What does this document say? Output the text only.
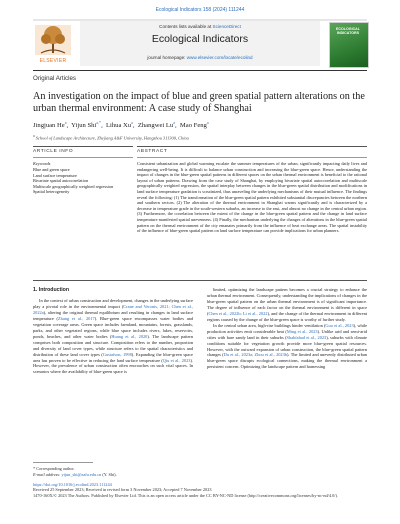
Ecological Indicators 158 (2024) 111244
ELSEVIER
Contents lists available at ScienceDirect
Ecological Indicators
journal homepage: www.elsevier.com/locate/ecolind
ECOLOGICAL INDICATORS
Original Articles
An investigation on the impact of blue and green spatial pattern alterations on the urban thermal environment: A case study of Shanghai
Jingjuan He$^a$,  Yijun Shi$^{a,*}$,  Lihua Xu$^a$,  Zhangwei Lu$^a$,  Mao Feng$^a$
$^a$ School of Landscape Architecture, Zhejiang A&F University, Hangzhou 311300, China
ARTICLE INFO	ABSTRACT
Keywords
Blue and green space
Land surface temperature
Bivariate spatial autocorrelation
Multiscale geographically weighted regression
Spatial heterogeneity
Consistent urbanization and global warming escalate the summer temperatures of the urban, significantly impacting daily lives and endangering well-being. It is difficult to balance urban construction and increasing the blue-green space. Hence, understanding the impact of changes in the blue-green spatial patterns in different spaces on the urban thermal environment is beneficial to the rational layout of urban patterns. Drawing from the case study of Shanghai, by employing bivariate spatial autocorrelation and multiscale geographically weighted regression, the spatial interplay between changes in the blue-green spatial distribution and modifications in land surface temperature gradation is scrutinized, thus unraveling the underlying mechanisms of their mutual influence. The findings reveal the following: (1) The transformation of the blue-green spatial pattern exhibited substantial discrepancies between the northern and southern sectors. (2) The alteration of the thermal environment in Shanghai warms significantly and is characterized by a decrease in temperature grade in the south-western suburbs, an increase to the east, and almost no change in the central urban region. (3) Furthermore, the correlation between the extent of the change in the blue-green spatial pattern and the change in land surface temperature manifested spatial unevenness. (4) Finally, the mechanism underlying the changes of alterations in the blue-green spatial pattern on the thermal environment of the city emanates primarily from the influence of heat exchange areas. The spatial instability of the influence of blue-green spatial pattern on land surface temperature can provide implications for urban planners.
1. Introduction

In the context of urban construction and development, changes in the underlying surface play a pivotal role in the environmental impact (Crane and Veronis, 2021; Chen et al., 2022a), altering the original thermal equilibrium and resulting in changes in land surface temperature (Zhang et al., 2017). Blue-green space encompasses water bodies and vegetation coverage areas. Green space includes farmland, mountains, forests, grasslands, parks, and other vegetated regions, while blue space includes rivers, lakes, reservoirs, ponds, beaches, and other water bodies (Huang et al., 2020). The landscape pattern comprises both composition and structure. Composition refers to the number, proportion and diversity of land cover types, while structure refers to the spatial characteristics and distribution of these land cover types (Gustafson, 1998). Expanding the blue-green space area has proven to be effective in reducing the land surface temperature (Qiu et al., 2023). However, the prevalence of urban construction often encroaches on such vital spaces. In scenarios where the availability of blue-green space is

limited, optimizing the landscape pattern becomes a crucial strategy to enhance the urban thermal environment. Consequently, understanding the implications of changes in the blue-green spatial pattern on the urban thermal environment is of significant importance. The degree of influence of each factor on the thermal environment is different in space (Chen et al., 2022b; Li et al., 2022), and the change of the thermal environment in different regions caused by the change of the blue-green space is worthy of further study.

In the central urban area, high-rise buildings hinder ventilation (Guo et al., 2023), while production activities emit considerable heat (Ming et al., 2023). Unlike arid and semi-arid cities with bare sandy land in their suburbs (Shahfahad et al., 2023), suburbs with climate conditions suitable for vegetation growth provide more blue-green spatial resources. However, with the outward expansion of urban construction, the blue-green spatial pattern changes (Du et al., 2023a; Zhou et al., 2023b). The limited and unevenly distributed urban blue-green space disrupts ecological connections, making the thermal environment a persistent concern. Optimizing the landscape pattern and harnessing

* Corresponding author.
E-mail address: yijun_shi@zafu.edu.cn (Y. Shi).
https://doi.org/10.1016/j.ecolind.2023.111244
Received 25 September 2023; Received in revised form 3 November 2023; Accepted 7 November 2023
1470-160X/© 2023 The Authors. Published by Elsevier Ltd. This is an open access article under the CC BY-NC-ND license (http://creativecommons.org/licenses/by-nc-nd/4.0/).
